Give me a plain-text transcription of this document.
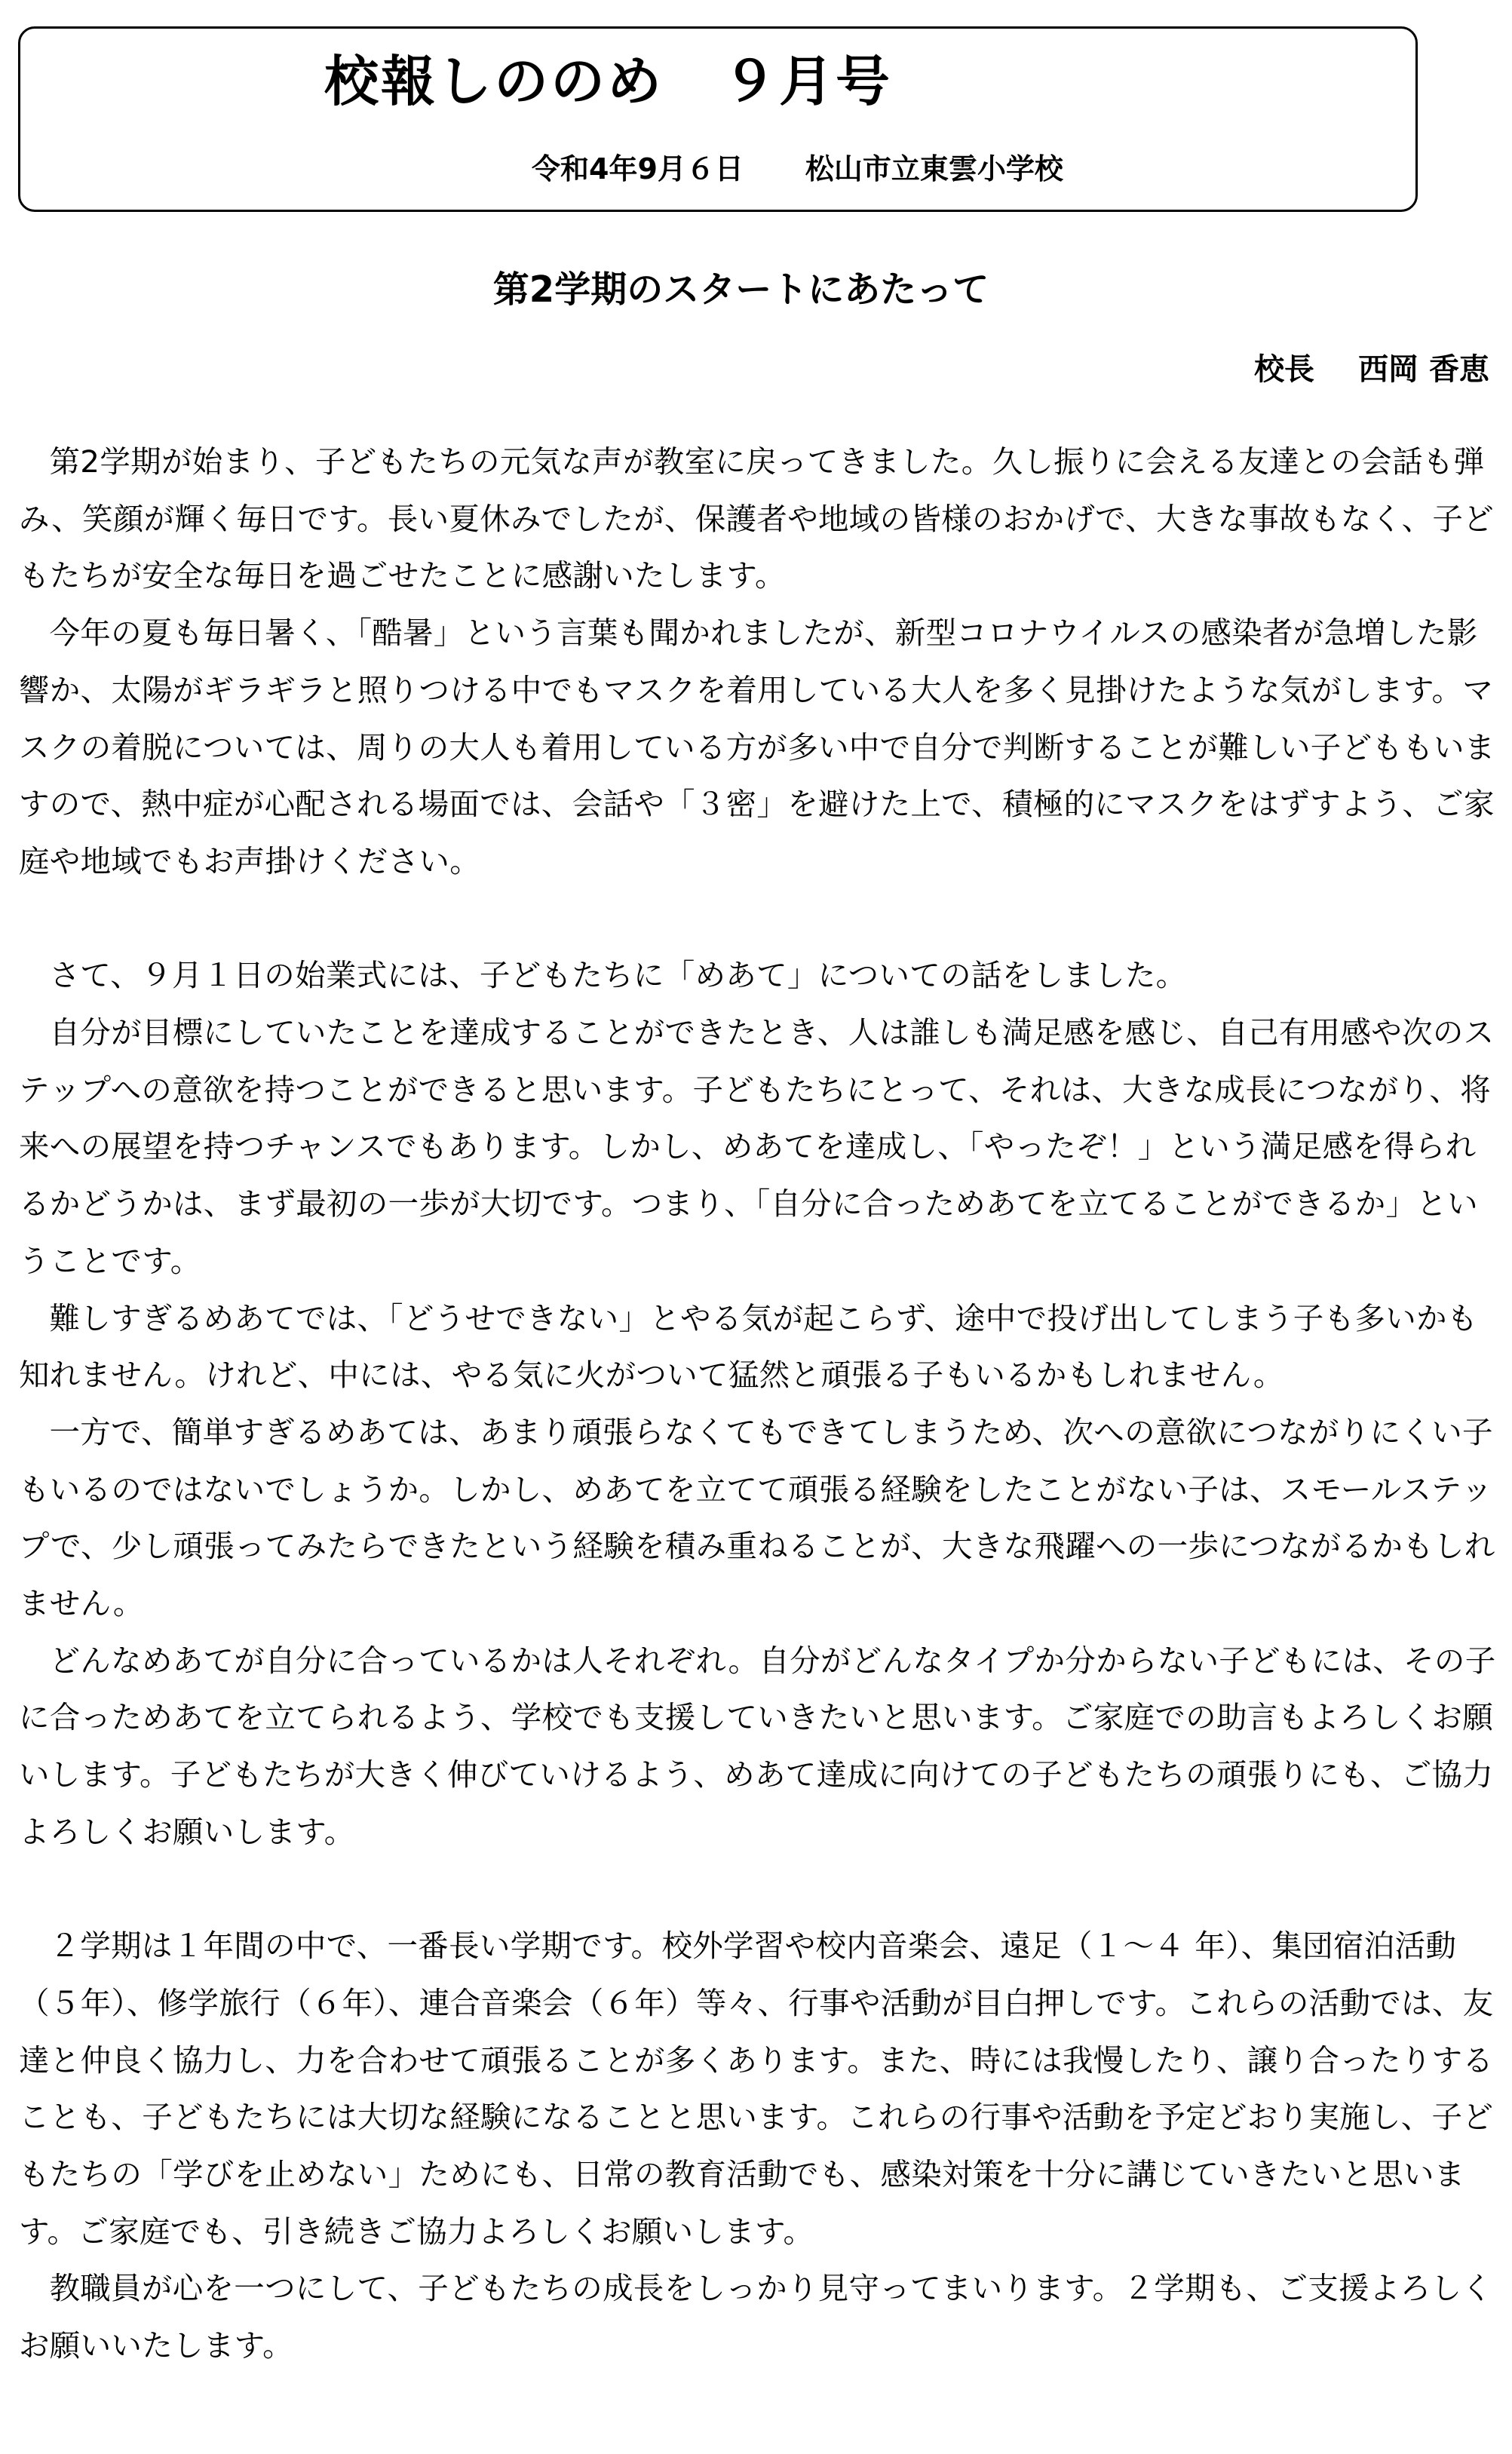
校報しののめ ９月号
令和4年9月６日 松山市立東雲小学校
第2学期のスタートにあたって
校長 西岡 香恵

第2学期が始まり、子どもたちの元気な声が教室に戻ってきました。久し振りに会える友達との会話も弾み、笑顔が輝く毎日です。長い夏休みでしたが、保護者や地域の皆様のおかげで、大きな事故もなく、子どもたちが安全な毎日を過ごせたことに感謝いたします。

今年の夏も毎日暑く、「酷暑」という言葉も聞かれましたが、新型コロナウイルスの感染者が急増した影響か、太陽がギラギラと照りつける中でもマスクを着用している大人を多く見掛けたような気がします。マスクの着脱については、周りの大人も着用している方が多い中で自分で判断することが難しい子どももいますので、熱中症が心配される場面では、会話や「３密」を避けた上で、積極的にマスクをはずすよう、ご家庭や地域でもお声掛けください。

さて、９月１日の始業式には、子どもたちに「めあて」についての話をしました。

自分が目標にしていたことを達成することができたとき、人は誰しも満足感を感じ、自己有用感や次のステップへの意欲を持つことができると思います。子どもたちにとって、それは、大きな成長につながり、将来への展望を持つチャンスでもあります。しかし、めあてを達成し、「やったぞ！」という満足感を得られるかどうかは、まず最初の一歩が大切です。つまり、「自分に合っためあてを立てることができるか」ということです。

難しすぎるめあてでは、「どうせできない」とやる気が起こらず、途中で投げ出してしまう子も多いかも知れません。けれど、中には、やる気に火がついて猛然と頑張る子もいるかもしれません。

一方で、簡単すぎるめあては、あまり頑張らなくてもできてしまうため、次への意欲につながりにくい子もいるのではないでしょうか。しかし、めあてを立てて頑張る経験をしたことがない子は、スモールステップで、少し頑張ってみたらできたという経験を積み重ねることが、大きな飛躍への一歩につながるかもしれません。

どんなめあてが自分に合っているかは人それぞれ。自分がどんなタイプか分からない子どもには、その子に合っためあてを立てられるよう、学校でも支援していきたいと思います。ご家庭での助言もよろしくお願いします。子どもたちが大きく伸びていけるよう、めあて達成に向けての子どもたちの頑張りにも、ご協力よろしくお願いします。

２学期は１年間の中で、一番長い学期です。校外学習や校内音楽会、遠足（１～４ 年）、集団宿泊活動（５年）、修学旅行（６年）、連合音楽会（６年）等々、行事や活動が目白押しです。これらの活動では、友達と仲良く協力し、力を合わせて頑張ることが多くあります。また、時には我慢したり、譲り合ったりすることも、子どもたちには大切な経験になることと思います。これらの行事や活動を予定どおり実施し、子どもたちの「学びを止めない」ためにも、日常の教育活動でも、感染対策を十分に講じていきたいと思います。ご家庭でも、引き続きご協力よろしくお願いします。

教職員が心を一つにして、子どもたちの成長をしっかり見守ってまいります。２学期も、ご支援よろしくお願いいたします。
